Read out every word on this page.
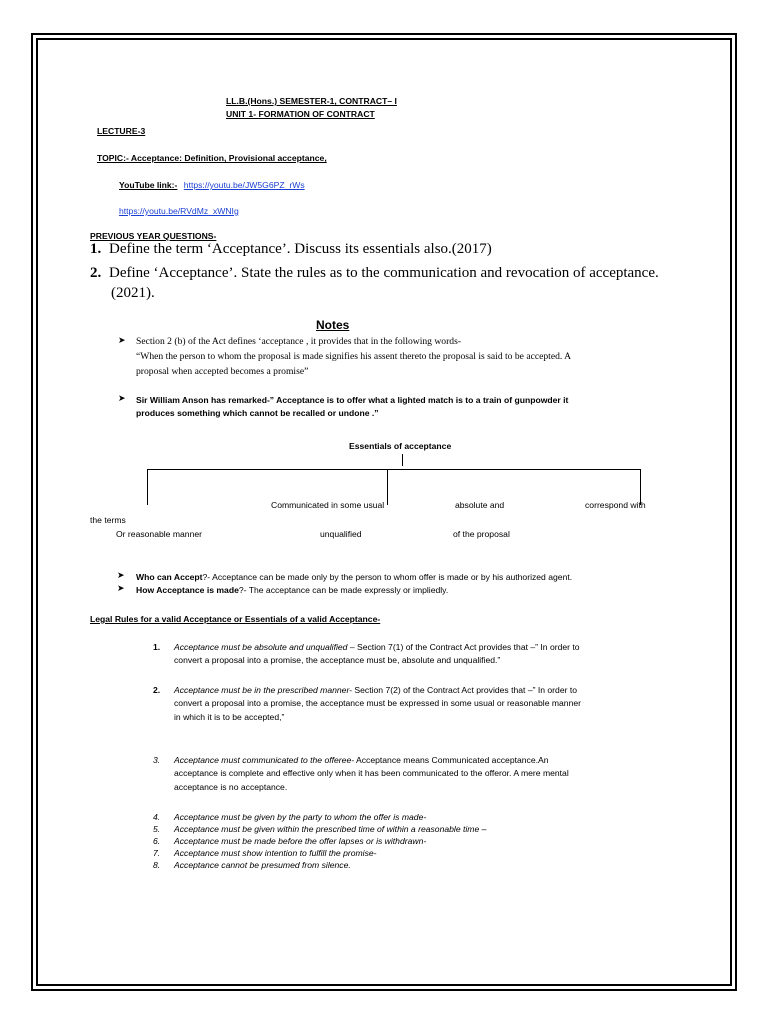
LL.B.(Hons.) SEMESTER-1, CONTRACT– I
UNIT 1- FORMATION OF CONTRACT
LECTURE-3
TOPIC:- Acceptance: Definition, Provisional acceptance,
YouTube link:- https://youtu.be/JW5G6PZ_rWs
https://youtu.be/RVdMz_xWNIg
PREVIOUS YEAR QUESTIONS-
1. Define the term ‘Acceptance’. Discuss its essentials also.(2017)
2. Define ‘Acceptance’. State the rules as to the communication and revocation of acceptance.
(2021).
Notes
➤ Section 2 (b) of the Act defines ‘acceptance , it provides that in the following words-
“When the person to whom the proposal is made signifies his assent thereto the proposal is said to be accepted. A
proposal when accepted becomes a promise”
➤ Sir William Anson has remarked-” Acceptance is to offer what a lighted match is to a train of gunpowder it
produces something which cannot be recalled or undone .”
Essentials of acceptance
Communicated in some usual	absolute and	correspond with
the terms
Or reasonable manner	unqualified	of the proposal
➤ Who can Accept?- Acceptance can be made only by the person to whom offer is made or by his authorized agent.
➤ How Acceptance is made?- The acceptance can be made expressly or impliedly.
Legal Rules for a valid Acceptance or Essentials of a valid Acceptance-
1. Acceptance must be absolute and unqualified – Section 7(1) of the Contract Act provides that –” In order to
convert a proposal into a promise, the acceptance must be, absolute and unqualified.”
2. Acceptance must be in the prescribed manner- Section 7(2) of the Contract Act provides that –” In order to
convert a proposal into a promise, the acceptance must be expressed in some usual or reasonable manner
in which it is to be accepted,”
3. Acceptance must communicated to the offeree- Acceptance means Communicated acceptance.An
acceptance is complete and effective only when it has been communicated to the offeror. A mere mental
acceptance is no acceptance.
4. Acceptance must be given by the party to whom the offer is made-
5. Acceptance must be given within the prescribed time of within a reasonable time –
6. Acceptance must be made before the offer lapses or is withdrawn-
7. Acceptance must show intention to fulfill the promise-
8. Acceptance cannot be presumed from silence.
